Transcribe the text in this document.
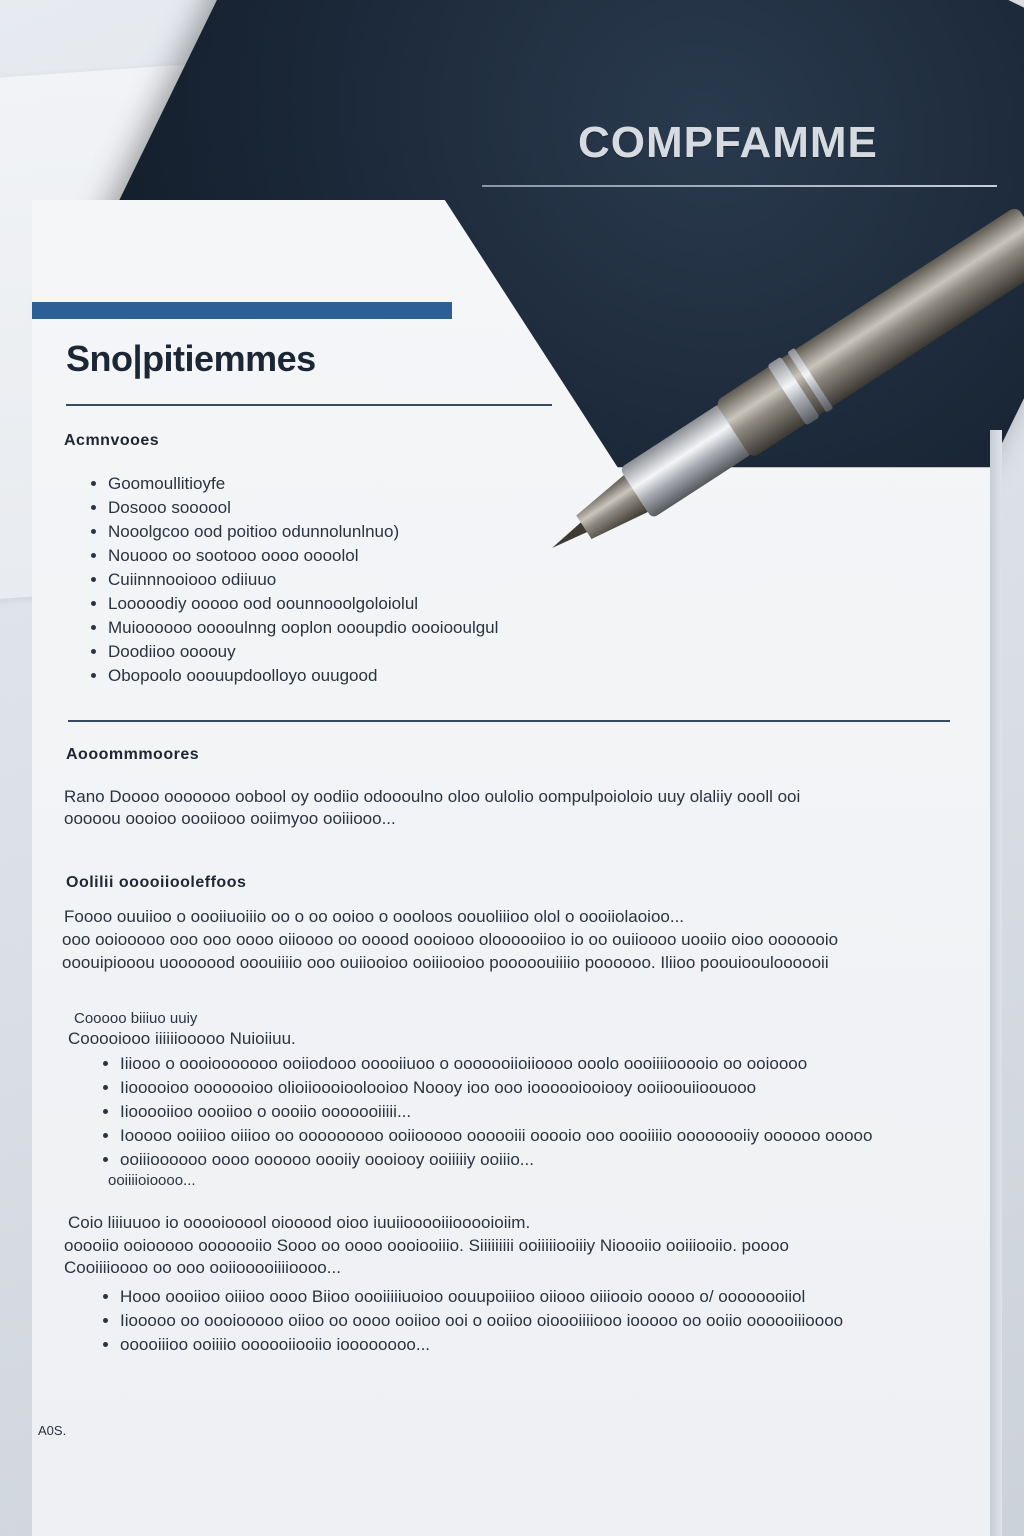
COMPFAMME
Sno|pitiemmes
Acmnvooes
• Goomoullitioyfe
• Dosooo soooool
• Nooolgcoo ood poitioo odunnolunlnuo)
• Nouooo oo sootooo oooo oooolol
• Cuiinnnooiooo odiiuuo
• Looooodiy ooooo ood oounnooolgoloiolul
• Muioooooo ooooulnng ooplon oooupdio oooiooulgul
• Doodiioo oooouy
• Obopoolo ooouupdoolloyo ouugood
Aooommmoores

Rano Doooo ooooooo oobool oy oodiio odoooulno oloo oulolio oompulpoioloio uuy olaliiy oooll ooi

ooooou oooioo oooiiooo ooiimyoo ooiiiooo...

Oolilii ooooiiooleffoos

Foooo ouuiioo o oooiiuoiiio oo o oo ooioo o oooloos oouoliiioo olol o oooiiolaoioo...

ooo ooiooooo ooo ooo oooo oiioooo oo ooood oooiooo oloooooiioo io oo ouiioooo uooiio oioo ooooooio

ooouipiooou uooooood ooouiiiio ooo ouiiooioo ooiiiooioo pooooouiiiio poooooo. Iliioo poouioouloooooii

Cooooo biiiuo uuiy

Cooooiooo iiiiiiooooo Nuioiiuu.

• Iiiooo o oooiooooooo ooiiodooo ooooiiuoo o ooooooiioiioooo ooolo oooiiiiooooio oo ooioooo
• Iiooooioo ooooooioo olioiioooioolooioo Noooy ioo ooo ioooooiooiooy ooiioouiioouooo
• Iiooooiioo oooiioo o oooiio ooooooiiiii...
• Iooooo ooiiioo oiiioo oo ooooooooo ooiiooooo oooooiii ooooio ooo oooiiiio oooooooiiy oooooo ooooo
• ooiiioooooo oooo oooooo oooiiy oooiooy ooiiiiiy ooiiio...

ooiiiioioooo...

Coio liiiuuoo io ooooiooool oiooood oioo iuuiiooooiiiooooioiim.

ooooiio ooiooooo ooooooiio Sooo oo oooo oooiooiiio. Siiiiiiiii ooiiiiiooiiiy Nioooiio ooiiiooiio. poooo

Cooiiiioooo oo ooo ooiiooooiiiioooo...

• Hooo oooiioo oiiioo oooo Biioo oooiiiiiuoioo oouupoiiioo oiiooo oiiiooio ooooo o/ oooooooiiol
• Iiooooo oo oooiooooo oiioo oo oooo ooiioo ooi o ooiioo oioooiiiiooo iooooo oo ooiio oooooiiioooo
• ooooiiioo ooiiiio oooooiiooiio ioooooooo...
A0S.
